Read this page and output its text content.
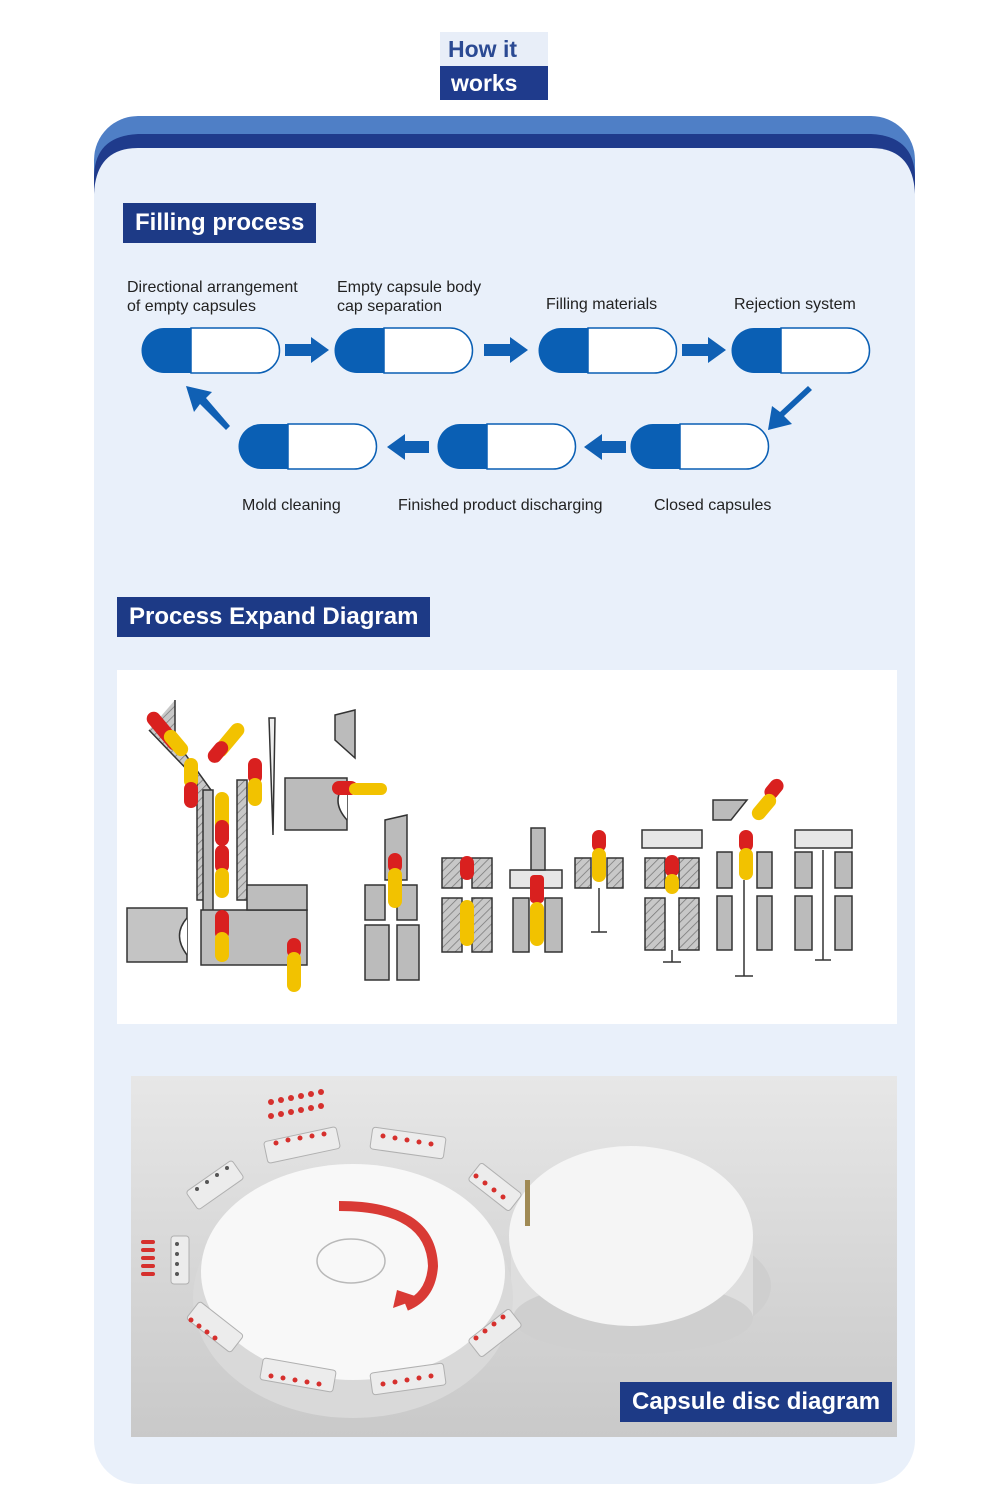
How it
works
Filling process
Directional arrangement
of empty capsules
Empty capsule body
cap separation	Filling materials	Rejection system
Closed capsules
Finished product discharging
Mold cleaning
Process Expand Diagram
Capsule disc diagram
